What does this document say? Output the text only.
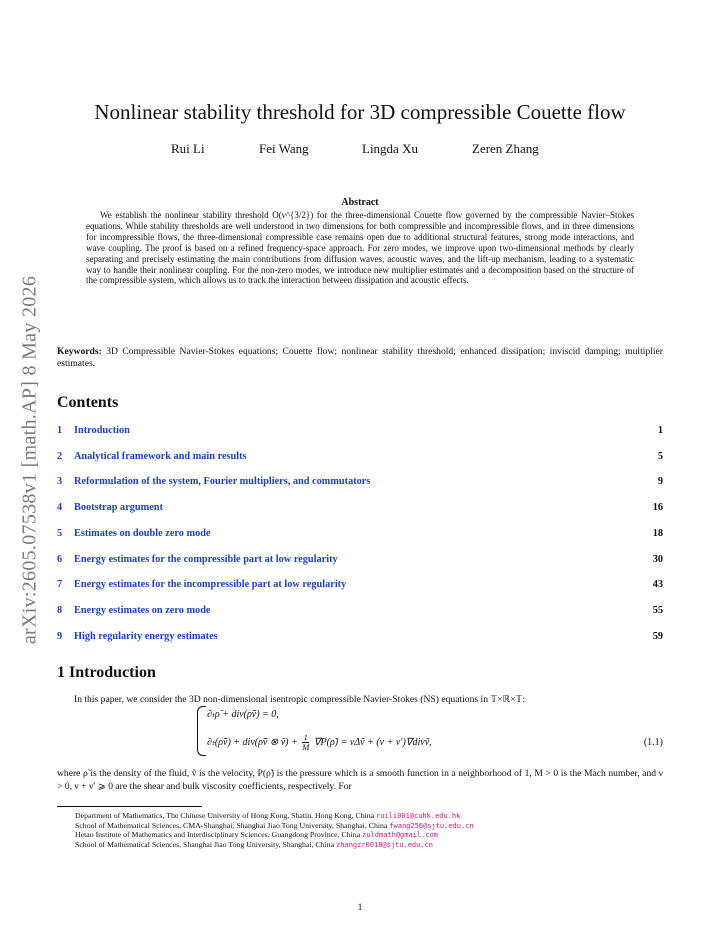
arXiv:2605.07538v1 [math.AP] 8 May 2026
Nonlinear stability threshold for 3D compressible Couette flow
Rui Li	Fei Wang	Lingda Xu	Zeren Zhang
Abstract
We establish the nonlinear stability threshold O(ν^{3/2}) for the three-dimensional Couette flow governed by the compressible Navier–Stokes equations. While stability thresholds are well understood in two dimensions for both compressible and incompressible flows, and in three dimensions for incompressible flows, the three-dimensional compressible case remains open due to additional structural features, strong mode interactions, and wave coupling. The proof is based on a refined frequency-space approach. For zero modes, we improve upon two-dimensional methods by clearly separating and precisely estimating the main contributions from diffusion waves, acoustic waves, and the lift-up mechanism, leading to a systematic way to handle their nonlinear coupling. For the non-zero modes, we introduce new multiplier estimates and a decomposition based on the structure of the compressible system, which allows us to track the interaction between dissipation and acoustic effects.
Keywords: 3D Compressible Navier-Stokes equations; Couette flow; nonlinear stability threshold; enhanced dissipation; inviscid damping; multiplier estimates.
Contents
1 Introduction	1
2 Analytical framework and main results	5
3 Reformulation of the system, Fourier multipliers, and commutators	9
4 Bootstrap argument	16
5 Estimates on double zero mode	18
6 Energy estimates for the compressible part at low regularity	30
7 Energy estimates for the incompressible part at low regularity	43
8 Energy estimates on zero mode	55
9 High regularity energy estimates	59
1 Introduction
In this paper, we consider the 3D non-dimensional isentropic compressible Navier-Stokes (NS) equations in 𝕋×ℝ×𝕋:
∂ₜρ̃ + div(ρ̃ṽ) = 0,
∂ₜ(ρ̃ṽ) + div(ρ̃ṽ ⊗ ṽ) + $\frac{1}{M}$ ∇P(ρ̃) = νΔṽ + (ν + ν′)∇divṽ,	(1.1)
where ρ̃ is the density of the fluid, ṽ is the velocity, P(ρ̃) is the pressure which is a smooth function in a neighborhood of 1, M > 0 is the Mach number, and ν > 0, ν + ν′ ⩾ 0 are the shear and bulk viscosity coefficients, respectively. For
Department of Mathematics, The Chinese University of Hong Kong, Shatin, Hong Kong, China ruili001@cuhk.edu.hk
School of Mathematical Sciences, CMA-Shanghai, Shanghai Jiao Tong University, Shanghai, China fwang256@sjtu.edu.cn
Hetao Institute of Mathematics and Interdisciplinary Sciences, Guangdong Province, China zuldmath@gmail.com
School of Mathematical Sciences, Shanghai Jiao Tong University, Shanghai, China zhangzr0018@sjtu.edu.cn
1
